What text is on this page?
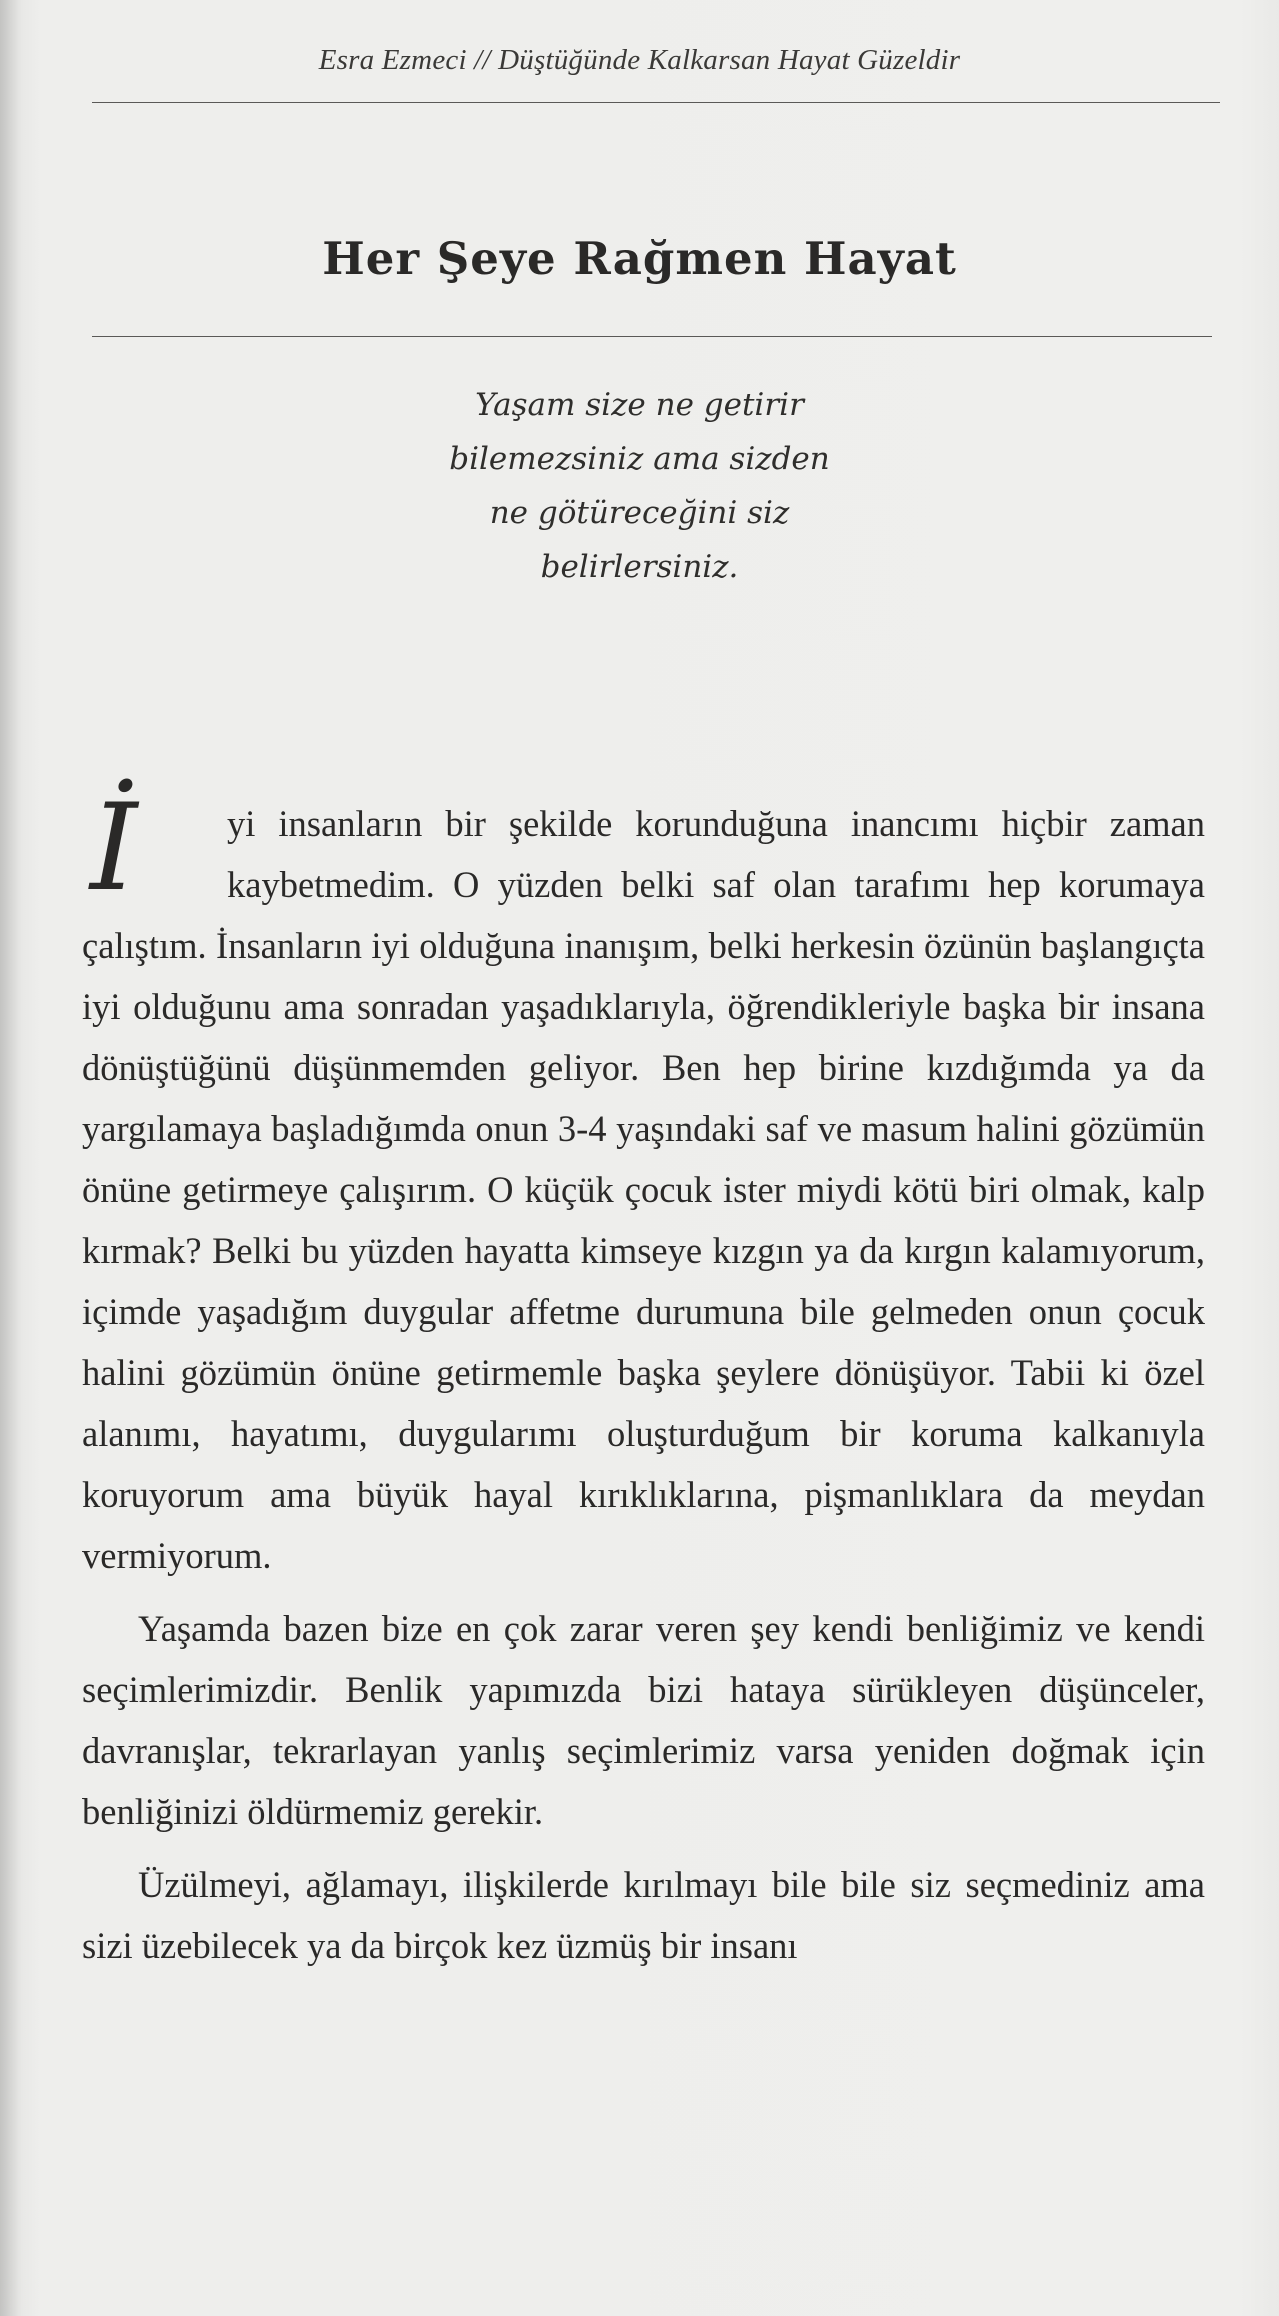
Esra Ezmeci // Düştüğünde Kalkarsan Hayat Güzeldir
Her Şeye Rağmen Hayat
Yaşam size ne getirir
bilemezsiniz ama sizden
ne götüreceğini siz
belirlersiniz.
İ	yi insanların bir şekilde korunduğuna inancımı hiçbir zaman kaybetmedim. O yüzden belki saf olan tarafımı hep korumaya çalıştım. İnsanların iyi olduğuna inanışım, belki herkesin özünün başlangıçta iyi olduğunu ama sonradan yaşadıklarıyla, öğrendikleriyle başka bir insana dönüştüğünü düşünmemden geliyor. Ben hep birine kızdığımda ya da yargılamaya başladığımda onun 3-4 yaşındaki saf ve masum halini gözümün önüne getirmeye çalışırım. O küçük çocuk ister miydi kötü biri olmak, kalp kırmak? Belki bu yüzden hayatta kimseye kızgın ya da kırgın kalamıyorum, içimde yaşadığım duygular affetme durumuna bile gelmeden onun çocuk halini gözümün önüne getirmemle başka şeylere dönüşüyor. Tabii ki özel alanımı, hayatımı, duygularımı oluşturduğum bir koruma kalkanıyla koruyorum ama büyük hayal kırıklıklarına, pişmanlıklara da meydan vermiyorum.

Yaşamda bazen bize en çok zarar veren şey kendi benliğimiz ve kendi seçimlerimizdir. Benlik yapımızda bizi hataya sürükleyen düşünceler, davranışlar, tekrarlayan yanlış seçimlerimiz varsa yeniden doğmak için benliğinizi öldürmemiz gerekir.

Üzülmeyi, ağlamayı, ilişkilerde kırılmayı bile bile siz seçmediniz ama sizi üzebilecek ya da birçok kez üzmüş bir insanı
